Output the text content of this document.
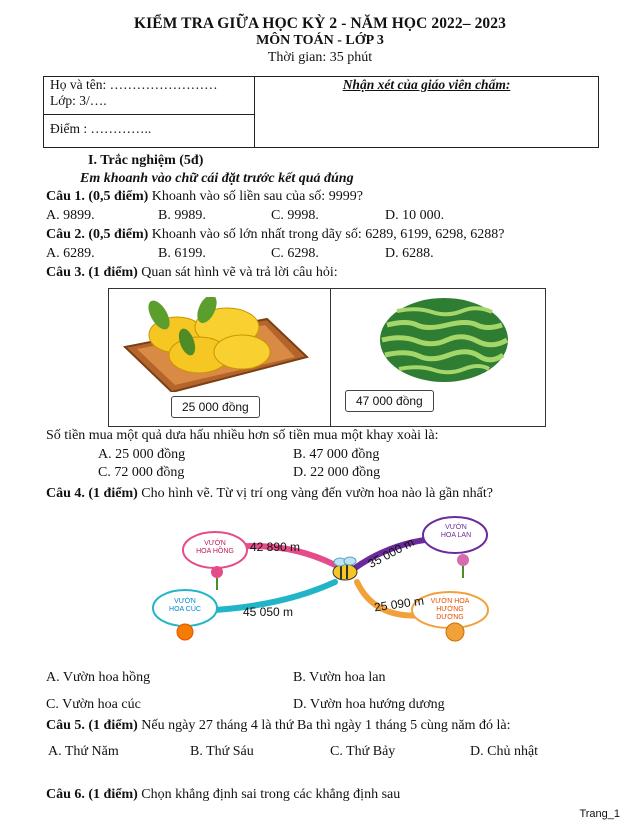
KIỂM TRA GIỮA HỌC KỲ 2 - NĂM HỌC 2022– 2023
MÔN TOÁN - LỚP 3
Thời gian: 35 phút
Họ và tên: ……………………
Lớp: 3/….
	Nhận xét của giáo viên chấm:

Điểm : …………..
I. Trắc nghiệm (5đ)
Em khoanh vào chữ cái đặt trước kết quả đúng
Câu 1. (0,5 điểm) Khoanh vào số liền sau của số: 9999?
A. 9899.	B. 9989.	C. 9998.	D. 10 000.
Câu 2. (0,5 điểm) Khoanh vào số lớn nhất trong dãy số: 6289, 6199, 6298, 6288?
A. 6289.	B. 6199.	C. 6298.	D. 6288.
Câu 3. (1 điểm) Quan sát hình vẽ và trả lời câu hỏi:
25 000 đồng	47 000 đồng
Số tiền mua một quả dưa hấu nhiều hơn số tiền mua một khay xoài là:
A. 25 000 đồng	B. 47 000 đồng
C. 72 000 đồng	D. 22 000 đồng
Câu 4. (1 điểm) Cho hình vẽ. Từ vị trí ong vàng đến vườn hoa nào là gần nhất?
VƯỜN
HOA HỒNG 42 890 m
VƯỜN
HOA LAN
35 000 m
VƯỜN
HOA CÚC	45 050 m
VƯỜN HOA
HƯỚNG DƯƠNG
25 090 m
A. Vườn hoa hồng	B. Vườn hoa lan
C. Vườn hoa cúc	D. Vườn hoa hướng dương
Câu 5. (1 điểm) Nếu ngày 27 tháng 4 là thứ Ba thì ngày 1 tháng 5 cùng năm đó là:
A. Thứ Năm	B. Thứ Sáu	C. Thứ Bảy	D. Chủ nhật
Câu 6. (1 điểm) Chọn khẳng định sai trong các khẳng định sau
Trang_1
